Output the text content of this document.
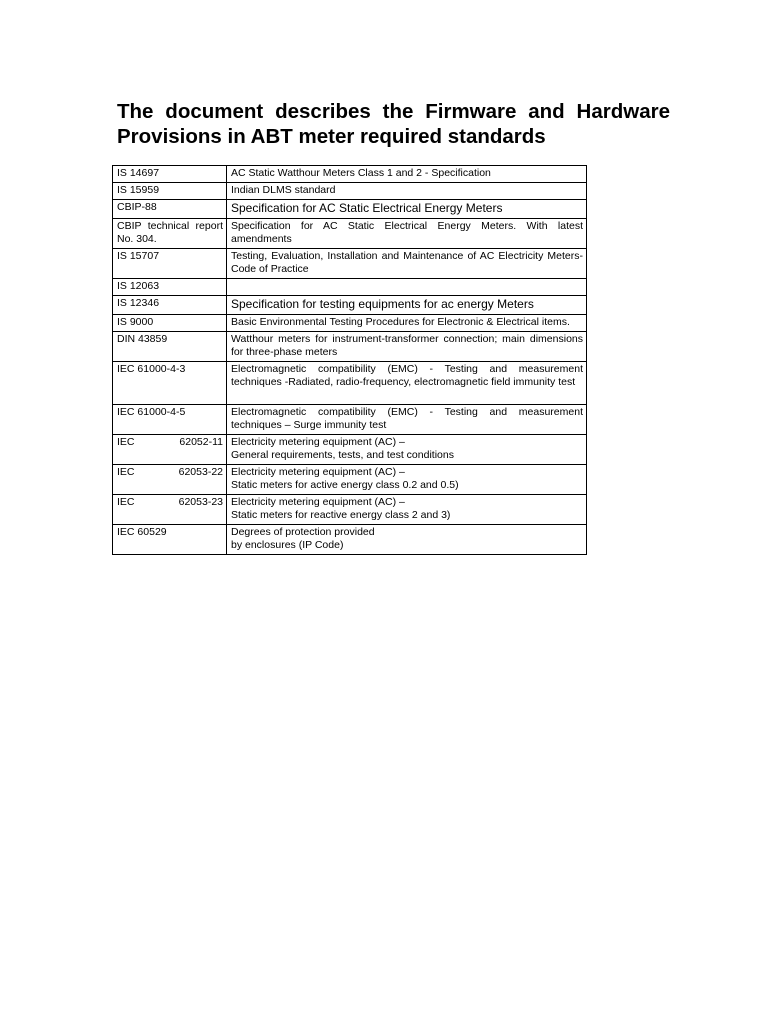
The document describes the Firmware and Hardware Provisions in ABT meter required standards
IS 14697	AC Static Watthour Meters Class 1 and 2 - Specification
IS 15959	Indian DLMS standard
CBIP-88	Specification for AC Static Electrical Energy Meters
CBIP technical report No. 304.	Specification for AC Static Electrical Energy Meters. With latest amendments
IS 15707	Testing, Evaluation, Installation and Maintenance of AC Electricity Meters- Code of Practice
IS 12063	
IS 12346	Specification for testing equipments for ac energy Meters
IS 9000	Basic Environmental Testing Procedures for Electronic & Electrical items.
DIN 43859	Watthour meters for instrument-transformer connection; main dimensions for three-phase meters
IEC 61000-4-3	Electromagnetic compatibility (EMC) - Testing and measurement techniques -Radiated, radio-frequency, electromagnetic field immunity test
IEC 61000-4-5	Electromagnetic compatibility (EMC) - Testing and measurement techniques – Surge immunity test

IEC 62052-11	Electricity metering equipment (AC) –
General requirements, tests, and test conditions

IEC 62053-22	Electricity metering equipment (AC) –
Static meters for active energy class 0.2 and 0.5)

IEC 62053-23	Electricity metering equipment (AC) –
Static meters for reactive energy class 2 and 3)

IEC 60529	Degrees of protection provided
by enclosures (IP Code)
